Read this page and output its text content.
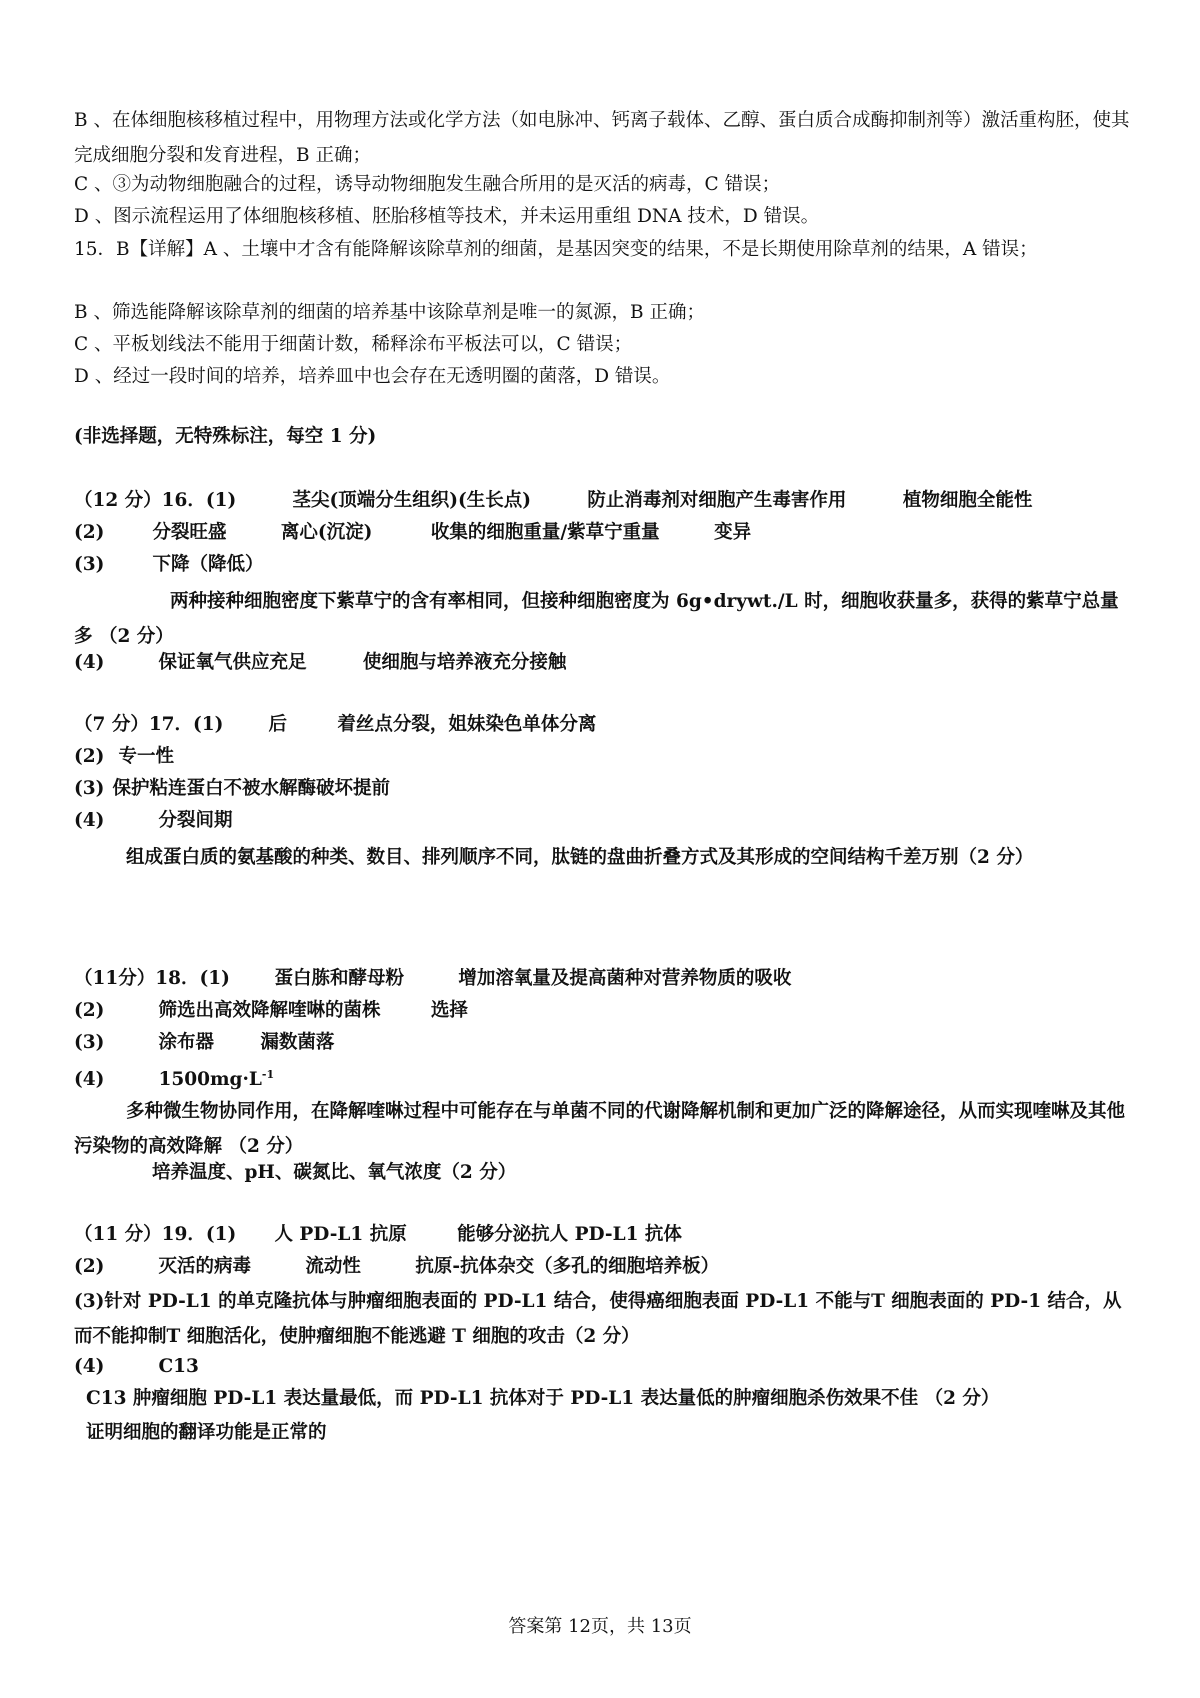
B 、在体细胞核移植过程中，用物理方法或化学方法（如电脉冲、钙离子载体、乙醇、蛋白质合成酶抑制剂等）激活重构胚，使其完成细胞分裂和发育进程，B 正确；
C 、③为动物细胞融合的过程，诱导动物细胞发生融合所用的是灭活的病毒，C 错误；
D 、图示流程运用了体细胞核移植、胚胎移植等技术，并未运用重组 DNA 技术，D 错误。
15．B【详解】A 、土壤中才含有能降解该除草剂的细菌，是基因突变的结果，不是长期使用除草剂的结果，A 错误；
B 、筛选能降解该除草剂的细菌的培养基中该除草剂是唯一的氮源，B 正确；
C 、平板划线法不能用于细菌计数，稀释涂布平板法可以，C 错误；
D 、经过一段时间的培养，培养皿中也会存在无透明圈的菌落，D 错误。
(非选择题，无特殊标注，每空 1 分)
（12 分）16．(1)	茎尖(顶端分生组织)(生长点)	防止消毒剂对细胞产生毒害作用	植物细胞全能性
(2)	分裂旺盛	离心(沉淀)	收集的细胞重量/紫草宁重量	变异
(3)	下降（降低）
两种接种细胞密度下紫草宁的含有率相同，但接种细胞密度为 6g•drywt./L 时，细胞收获量多，获得的紫草宁总量多 （2 分）
(4)	保证氧气供应充足	使细胞与培养液充分接触
（7 分）17．(1) 后	着丝点分裂，姐妹染色单体分离
(2) 专一性
(3) 保护粘连蛋白不被水解酶破坏提前
(4)	分裂间期
组成蛋白质的氨基酸的种类、数目、排列顺序不同，肽链的盘曲折叠方式及其形成的空间结构千差万别（2 分）
（11分）18．(1) 蛋白胨和酵母粉	增加溶氧量及提高菌种对营养物质的吸收
(2)	筛选出高效降解喹啉的菌株	选择
(3)	涂布器	漏数菌落
(4)	$1500mg\cdot L^{-1}$
多种微生物协同作用，在降解喹啉过程中可能存在与单菌不同的代谢降解机制和更加广泛的降解途径，从而实现喹啉及其他污染物的高效降解 （2 分）
培养温度、pH、碳氮比、氧气浓度（2 分）
（11 分）19．(1) 人 PD-L1 抗原	能够分泌抗人 PD-L1 抗体
(2)	灭活的病毒	流动性	抗原-抗体杂交（多孔的细胞培养板）
(3)针对 PD-L1 的单克隆抗体与肿瘤细胞表面的 PD-L1 结合，使得癌细胞表面 PD-L1 不能与T 细胞表面的 PD-1 结合，从而不能抑制T 细胞活化，使肿瘤细胞不能逃避 T 细胞的攻击（2 分）
(4)	C13
C13 肿瘤细胞 PD-L1 表达量最低，而 PD-L1 抗体对于 PD-L1 表达量低的肿瘤细胞杀伤效果不佳 （2 分）
证明细胞的翻译功能是正常的
答案第 12页，共 13页
